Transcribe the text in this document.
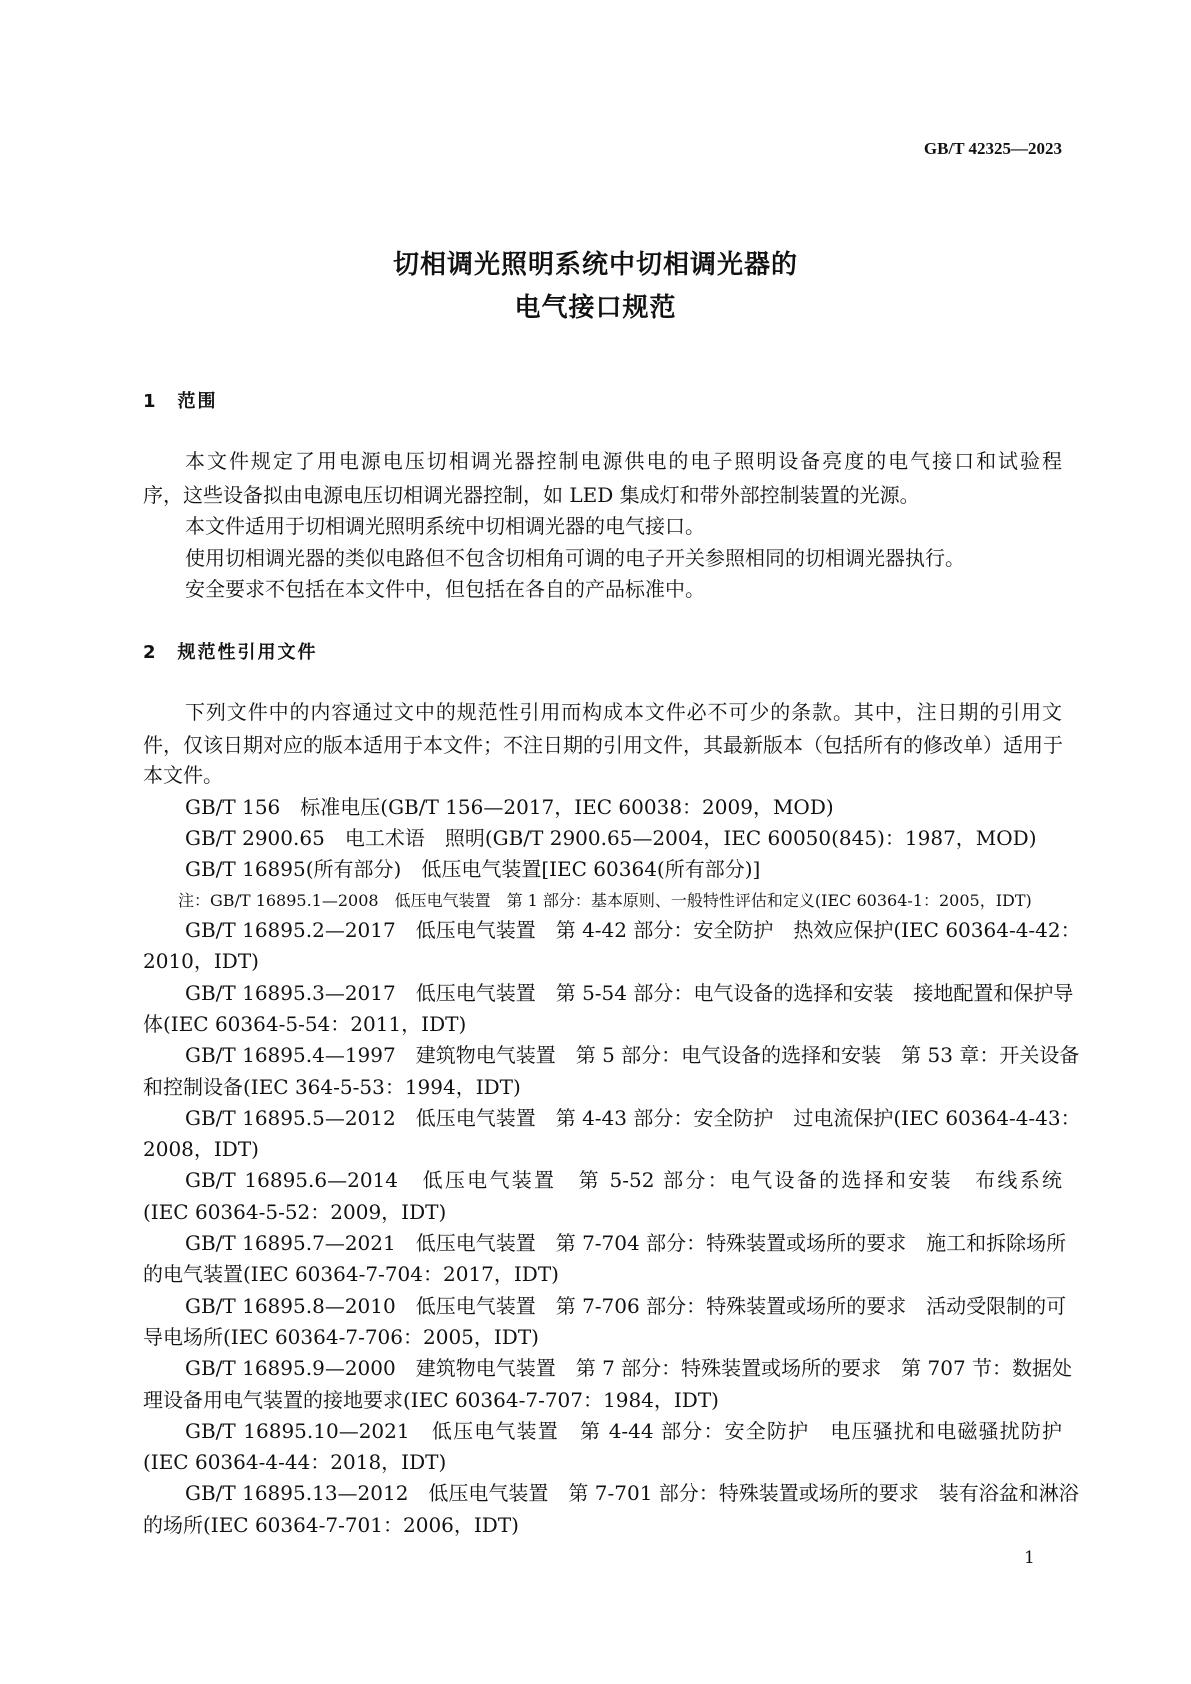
GB/T 42325—2023
切相调光照明系统中切相调光器的
电气接口规范
1 范围
本文件规定了用电源电压切相调光器控制电源供电的电子照明设备亮度的电气接口和试验程
序，这些设备拟由电源电压切相调光器控制，如 LED 集成灯和带外部控制装置的光源。
本文件适用于切相调光照明系统中切相调光器的电气接口。
使用切相调光器的类似电路但不包含切相角可调的电子开关参照相同的切相调光器执行。
安全要求不包括在本文件中，但包括在各自的产品标准中。
2 规范性引用文件
下列文件中的内容通过文中的规范性引用而构成本文件必不可少的条款。其中，注日期的引用文
件，仅该日期对应的版本适用于本文件；不注日期的引用文件，其最新版本（包括所有的修改单）适用于
本文件。
GB/T 156　标准电压(GB/T 156—2017，IEC 60038：2009，MOD)
GB/T 2900.65　电工术语　照明(GB/T 2900.65—2004，IEC 60050(845)：1987，MOD)
GB/T 16895(所有部分)　低压电气装置[IEC 60364(所有部分)]
注：GB/T 16895.1—2008　低压电气装置　第 1 部分：基本原则、一般特性评估和定义(IEC 60364-1：2005，IDT)
GB/T 16895.2—2017　低压电气装置　第 4-42 部分：安全防护　热效应保护(IEC 60364-4-42：
2010，IDT)
GB/T 16895.3—2017　低压电气装置　第 5-54 部分：电气设备的选择和安装　接地配置和保护导
体(IEC 60364-5-54：2011，IDT)
GB/T 16895.4—1997　建筑物电气装置　第 5 部分：电气设备的选择和安装　第 53 章：开关设备
和控制设备(IEC 364-5-53：1994，IDT)
GB/T 16895.5—2012　低压电气装置　第 4-43 部分：安全防护　过电流保护(IEC 60364-4-43：
2008，IDT)
GB/T 16895.6—2014　低压电气装置　第 5-52 部分：电气设备的选择和安装　布线系统
(IEC 60364-5-52：2009，IDT)
GB/T 16895.7—2021　低压电气装置　第 7-704 部分：特殊装置或场所的要求　施工和拆除场所
的电气装置(IEC 60364-7-704：2017，IDT)
GB/T 16895.8—2010　低压电气装置　第 7-706 部分：特殊装置或场所的要求　活动受限制的可
导电场所(IEC 60364-7-706：2005，IDT)
GB/T 16895.9—2000　建筑物电气装置　第 7 部分：特殊装置或场所的要求　第 707 节：数据处
理设备用电气装置的接地要求(IEC 60364-7-707：1984，IDT)
GB/T 16895.10—2021　低压电气装置　第 4-44 部分：安全防护　电压骚扰和电磁骚扰防护
(IEC 60364-4-44：2018，IDT)
GB/T 16895.13—2012　低压电气装置　第 7-701 部分：特殊装置或场所的要求　装有浴盆和淋浴
的场所(IEC 60364-7-701：2006，IDT)
1
